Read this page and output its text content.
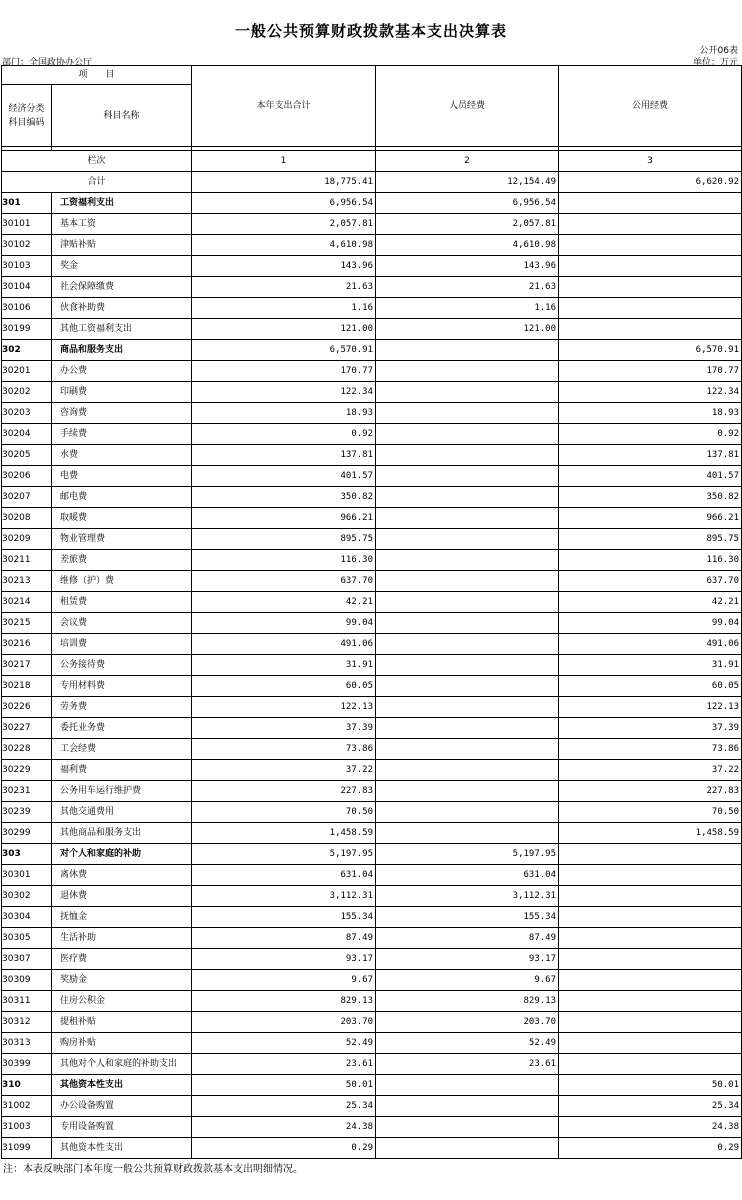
一般公共预算财政拨款基本支出决算表
公开06表
部门：全国政协办公厅	单位：万元
项　　目		本年支出合计	人员经费	公用经费
经济分类
科目编码	科目名称			

栏次		1	2	3
合计		18,775.41	12,154.49	6,620.92
301	工资福利支出	6,956.54	6,956.54	
30101	基本工资	2,057.81	2,057.81	
30102	津贴补贴	4,610.98	4,610.98	
30103	奖金	143.96	143.96	
30104	社会保障缴费	21.63	21.63	
30106	伙食补助费	1.16	1.16	
30199	其他工资福利支出	121.00	121.00	
302	商品和服务支出	6,570.91		6,570.91
30201	办公费	170.77		170.77
30202	印刷费	122.34		122.34
30203	咨询费	18.93		18.93
30204	手续费	0.92		0.92
30205	水费	137.81		137.81
30206	电费	401.57		401.57
30207	邮电费	350.82		350.82
30208	取暖费	966.21		966.21
30209	物业管理费	895.75		895.75
30211	差旅费	116.30		116.30
30213	维修（护）费	637.70		637.70
30214	租赁费	42.21		42.21
30215	会议费	99.04		99.04
30216	培训费	491.06		491.06
30217	公务接待费	31.91		31.91
30218	专用材料费	60.05		60.05
30226	劳务费	122.13		122.13
30227	委托业务费	37.39		37.39
30228	工会经费	73.86		73.86
30229	福利费	37.22		37.22
30231	公务用车运行维护费	227.83		227.83
30239	其他交通费用	70.50		70.50
30299	其他商品和服务支出	1,458.59		1,458.59
303	对个人和家庭的补助	5,197.95	5,197.95	
30301	离休费	631.04	631.04	
30302	退休费	3,112.31	3,112.31	
30304	抚恤金	155.34	155.34	
30305	生活补助	87.49	87.49	
30307	医疗费	93.17	93.17	
30309	奖励金	9.67	9.67	
30311	住房公积金	829.13	829.13	
30312	提租补贴	203.70	203.70	
30313	购房补贴	52.49	52.49	
30399	其他对个人和家庭的补助支出	23.61	23.61	
310	其他资本性支出	50.01		50.01
31002	办公设备购置	25.34		25.34
31003	专用设备购置	24.38		24.38
31099	其他资本性支出	0.29		0.29
注：本表反映部门本年度一般公共预算财政拨款基本支出明细情况。
